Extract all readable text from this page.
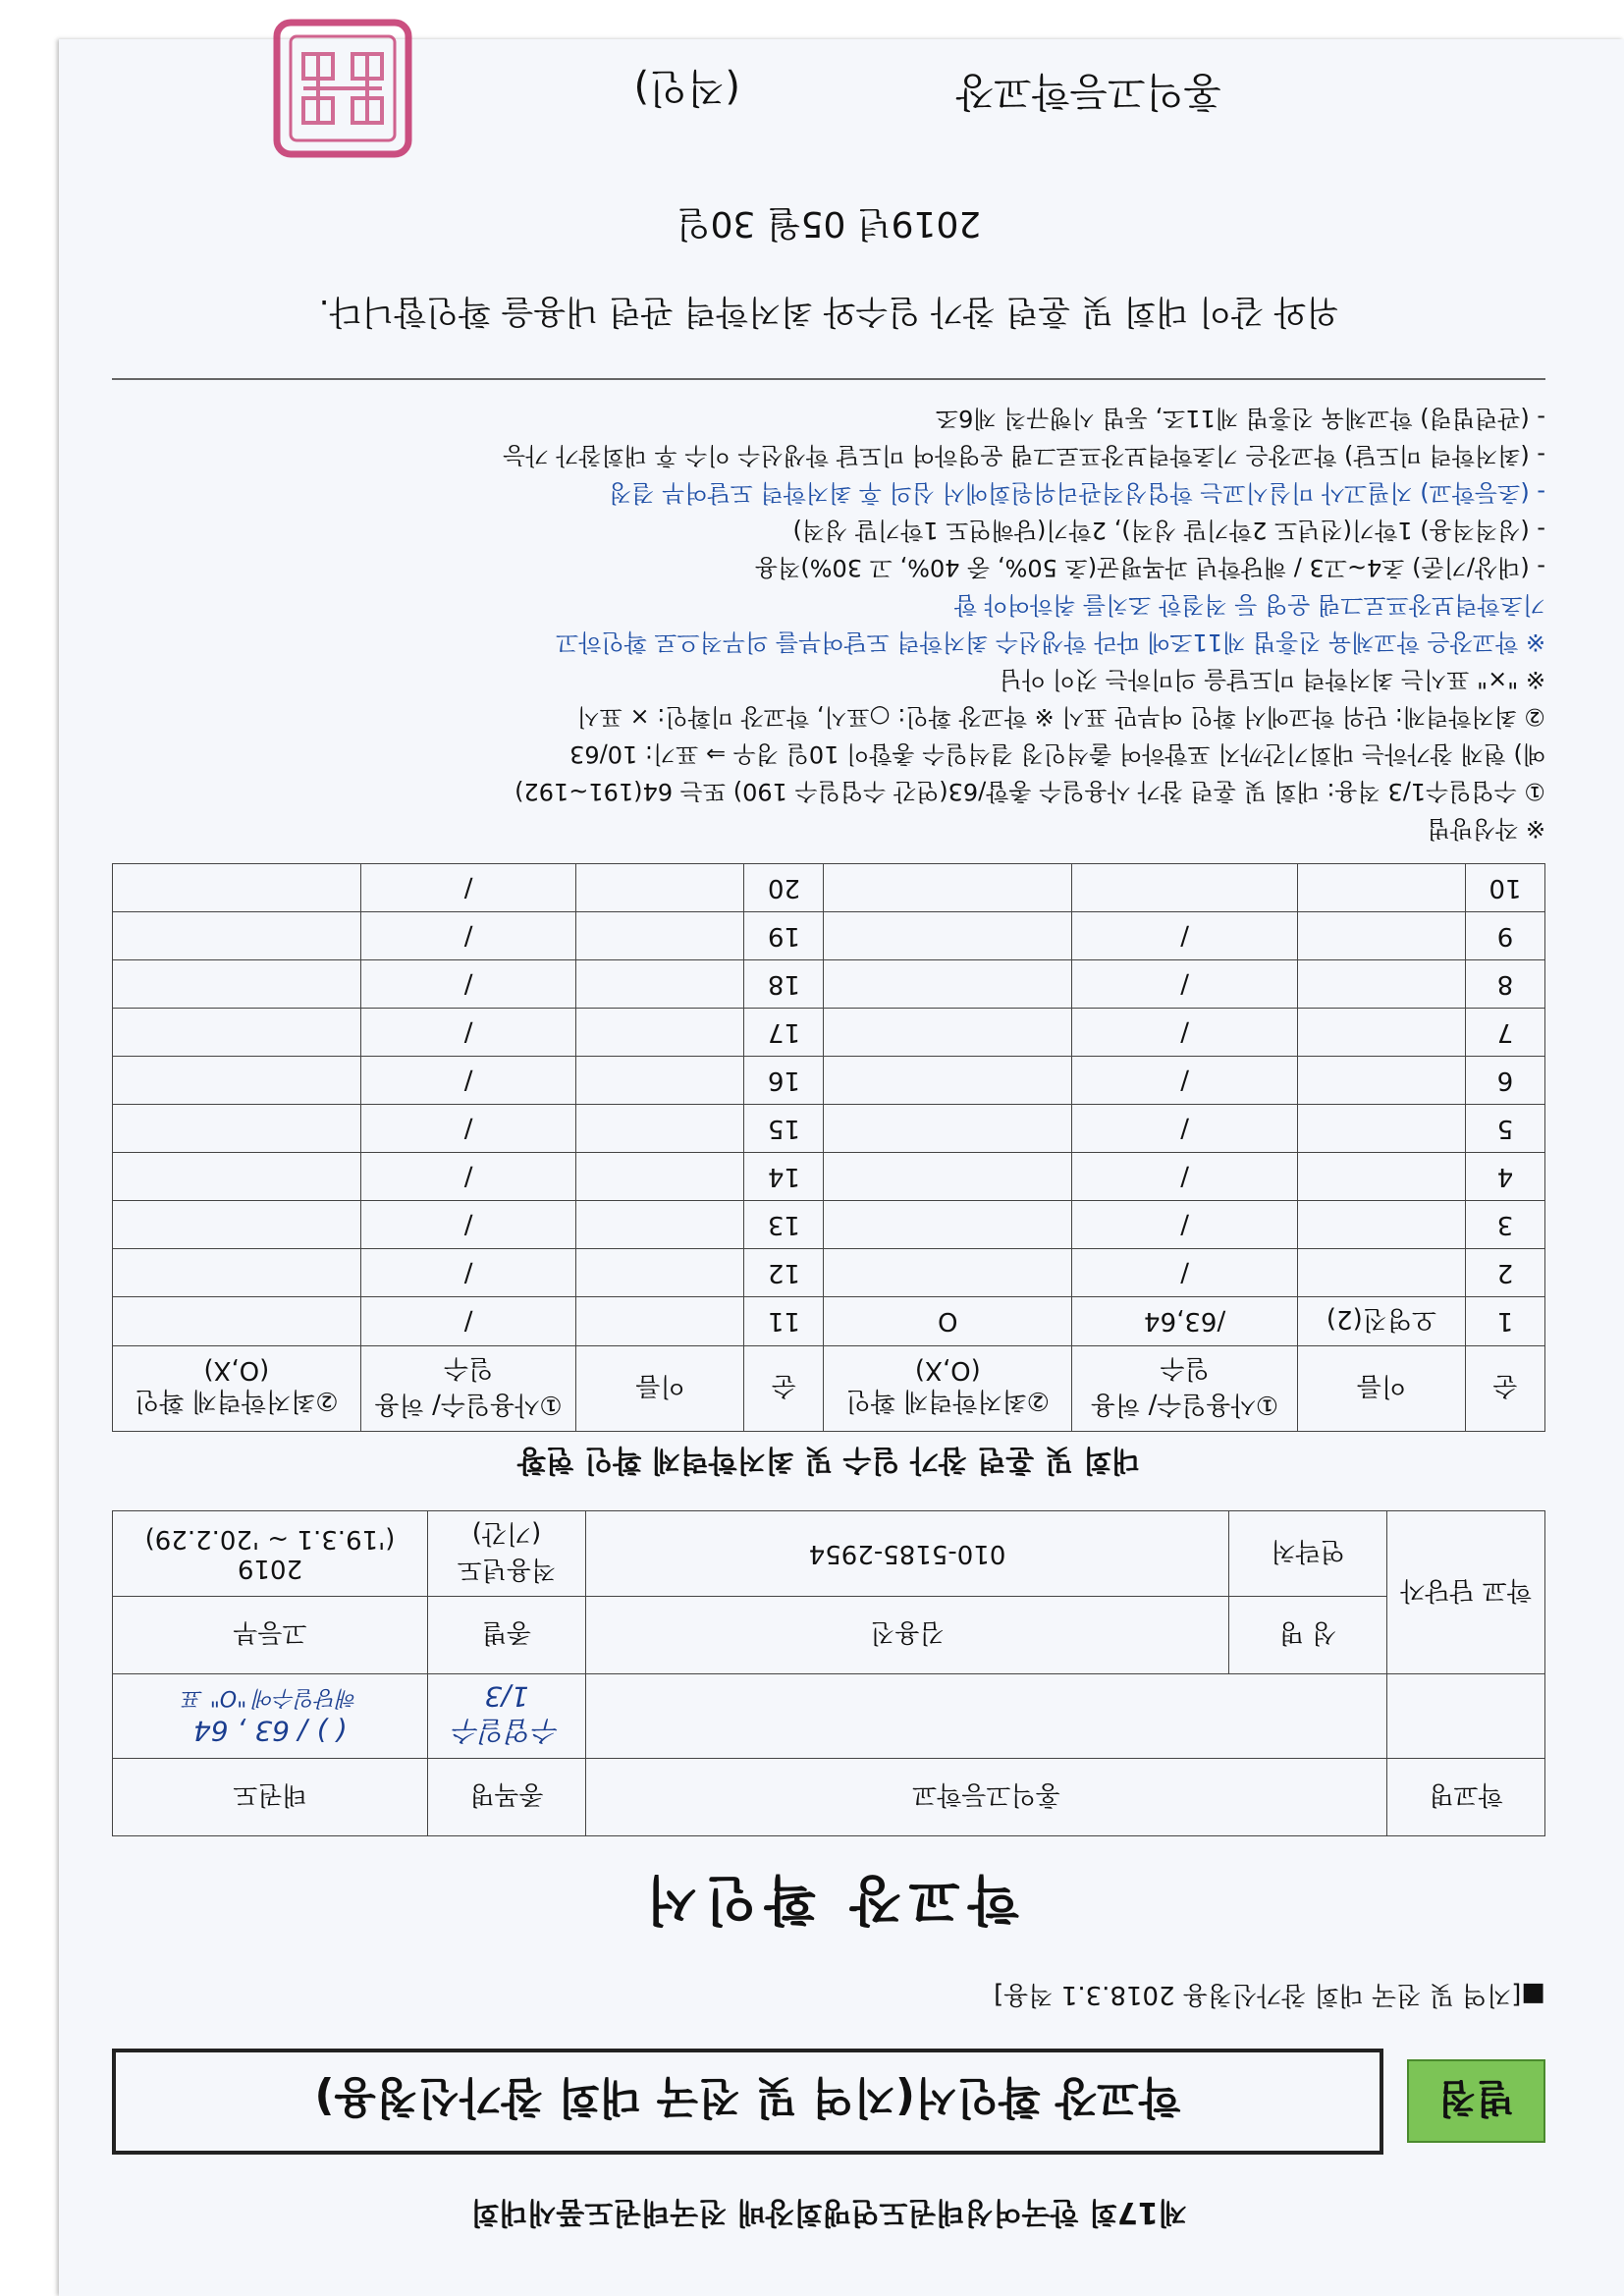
제17회 한국여성태권도연맹회장배 전국태권도품새대회
별첨
학교장 확인서(지역 및 전국 대회 참가신청용)
■[지역 및 전국 대회 참가신청용 2018.3.1 적용]
학교장 확인서
학교명	홍익고등학교		종목명	태권도
			수업일수 1/3	( ) / 63 , 64
해당일수에 "O" 표

학교 담당자	성 명	김용진	종별	고등부
	연락처	010-5185-2954	적용년도 (기간)	2019
('19.3.1 ~ '20.2.29)
대회 및 훈련 참가 일수 및 최저학력제 확인 현황
순	이름	①사용일수/ 허용일수	②최저학력제 확인(O,X)	순	이름	①사용일수/ 허용일수	②최저학력제 확인(O,X)
1	오영진(2)	/63,64	O	11		/	
2		/		12		/	
3		/		13		/	
4		/		14		/	
5		/		15		/	
6		/		16		/	
7		/		17		/	
8		/		18		/	
9		/		19		/	
10				20		/	
※ 작성방법
① 수업일수1/3 적용: 대회 및 훈련 참가 사용일수 총합/63(연간 수업일수 190) 또는 64(191~192)
예) 현재 참가하는 대회기간까지 포함하여 출석인정 결석일수 총합이 10일 경우 ⇒ 표기: 10/63
② 최저학력제: 단위 학교에서 확인 여부만 표시 ※ 학교장 확인: ○표시, 학교장 미확인: × 표시
※ "×" 표시는 최저학력 미도달을 의미하는 것이 아님
※ 학교장은 학교체육 진흥법 제11조에 따라 학생선수 최저학력 도달여부를 의무적으로 확인하고
기초학력보장프로그램 운영 등 적절한 조치를 취하여야 함
- (대상/기준) 초4~고3 / 해당학년 과목평균(초 50%, 중 40%, 고 30%)적용
- (성적적용) 1학기(전년도 2학기말 성적), 2학기(당해연도 1학기말 성적)
- (초등학교) 지필고사 미실시교는 학업성적관리위원회에서 심의 후 최저학력 도달여부 결정
- (최저학력 미도달) 학교장은 기초학력보장프로그램 운영하여 미도달 학생선수 이수 후 대회참가 가능
- (관련법령) 학교체육 진흥법 제11조, 동법 시행규칙 제6조
위와 같이 대회 및 훈련 참가 일수와 최저학력 관련 내용을 확인합니다.
2019년 05월 30일
홍익고등학교장
(직인)
